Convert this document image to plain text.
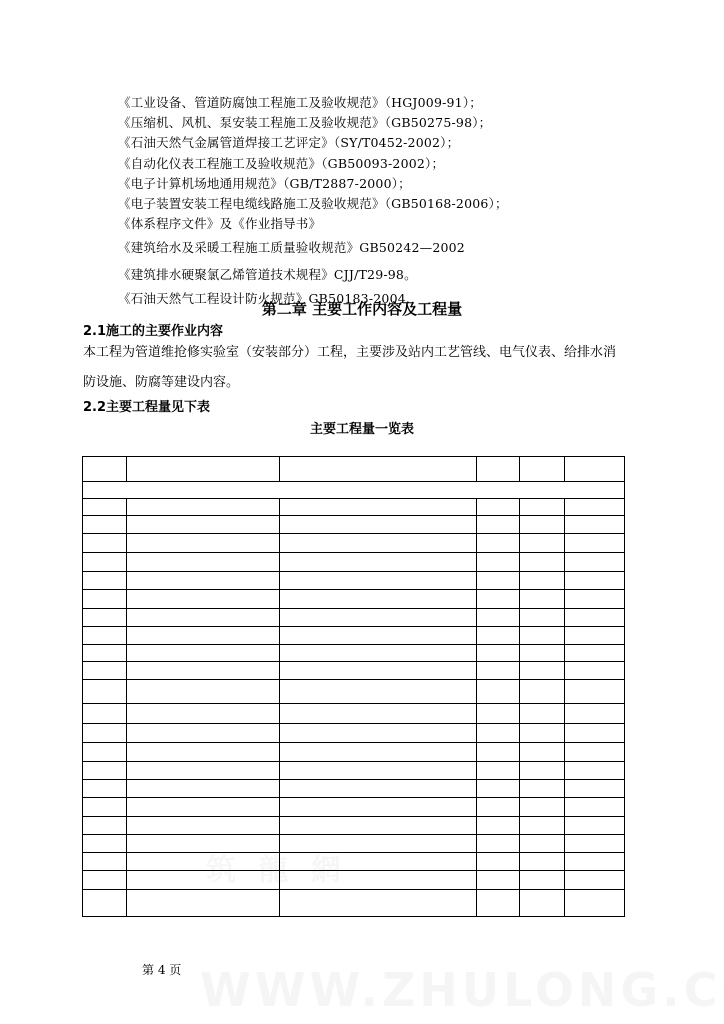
《工业设备、管道防腐蚀工程施工及验收规范》（HGJ009-91）；
《压缩机、风机、泵安装工程施工及验收规范》（GB50275-98）；
《石油天然气金属管道焊接工艺评定》（SY/T0452-2002）；
《自动化仪表工程施工及验收规范》（GB50093-2002）；
《电子计算机场地通用规范》（GB/T2887-2000）；
《电子装置安装工程电缆线路施工及验收规范》（GB50168-2006）；
《体系程序文件》及《作业指导书》
《建筑给水及采暖工程施工质量验收规范》GB50242—2002
《建筑排水硬聚氯乙烯管道技术规程》CJJ/T29-98。
《石油天然气工程设计防火规范》GB50183-2004.
第二章 主要工作内容及工程量
2.1施工的主要作业内容
本工程为管道维抢修实验室（安装部分）工程，主要涉及站内工艺管线、电气仪表、给排水消防设施、防腐等建设内容。
2.2主要工程量见下表
主要工程量一览表
第 4 页
